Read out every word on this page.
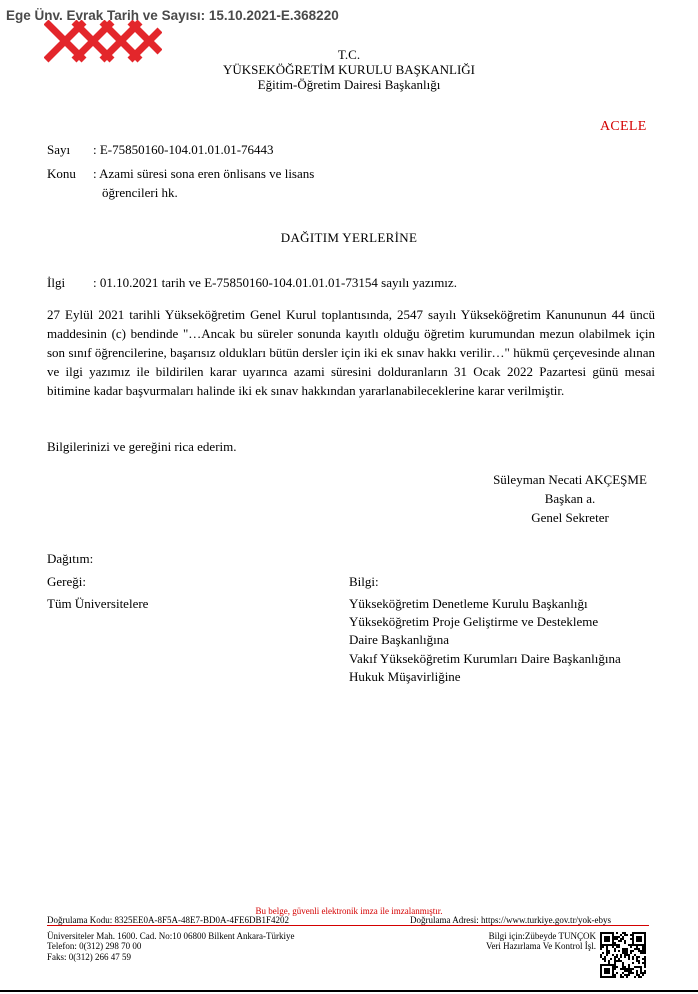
Ege Ünv. Evrak Tarih ve Sayısı: 15.10.2021-E.368220
T.C.
YÜKSEKÖĞRETİM KURULU BAŞKANLIĞI
Eğitim-Öğretim Dairesi Başkanlığı
ACELE
Sayı : E-75850160-104.01.01.01-76443
Konu : Azami süresi sona eren önlisans ve lisans
öğrencileri hk.
DAĞITIM YERLERİNE
İlgi : 01.10.2021 tarih ve E-75850160-104.01.01.01-73154 sayılı yazımız.
27 Eylül 2021 tarihli Yükseköğretim Genel Kurul toplantısında, 2547 sayılı Yükseköğretim Kanununun 44 üncü maddesinin (c) bendinde "…Ancak bu süreler sonunda kayıtlı olduğu öğretim kurumundan mezun olabilmek için son sınıf öğrencilerine, başarısız oldukları bütün dersler için iki ek sınav hakkı verilir…" hükmü çerçevesinde alınan ve ilgi yazımız ile bildirilen karar uyarınca azami süresini dolduranların 31 Ocak 2022 Pazartesi günü mesai bitimine kadar başvurmaları halinde iki ek sınav hakkından yararlanabileceklerine karar verilmiştir.
Bilgilerinizi ve gereğini rica ederim.
Süleyman Necati AKÇEŞME
Başkan a.
Genel Sekreter
Dağıtım:
Gereği:	Bilgi:
Tüm Üniversitelere	Yükseköğretim Denetleme Kurulu Başkanlığı
Yükseköğretim Proje Geliştirme ve Destekleme
Daire Başkanlığına
Vakıf Yükseköğretim Kurumları Daire Başkanlığına
Hukuk Müşavirliğine
Bu belge, güvenli elektronik imza ile imzalanmıştır.
Doğrulama Kodu: 8325EE0A-8F5A-48E7-BD0A-4FE6DB1F4202	Doğrulama Adresi: https://www.turkiye.gov.tr/yok-ebys
Üniversiteler Mah. 1600. Cad. No:10 06800 Bilkent Ankara-Türkiye
Telefon: 0(312) 298 70 00
Faks: 0(312) 266 47 59
Bilgi için:Zübeyde TUNÇOK
Veri Hazırlama Ve Kontrol İşl.
